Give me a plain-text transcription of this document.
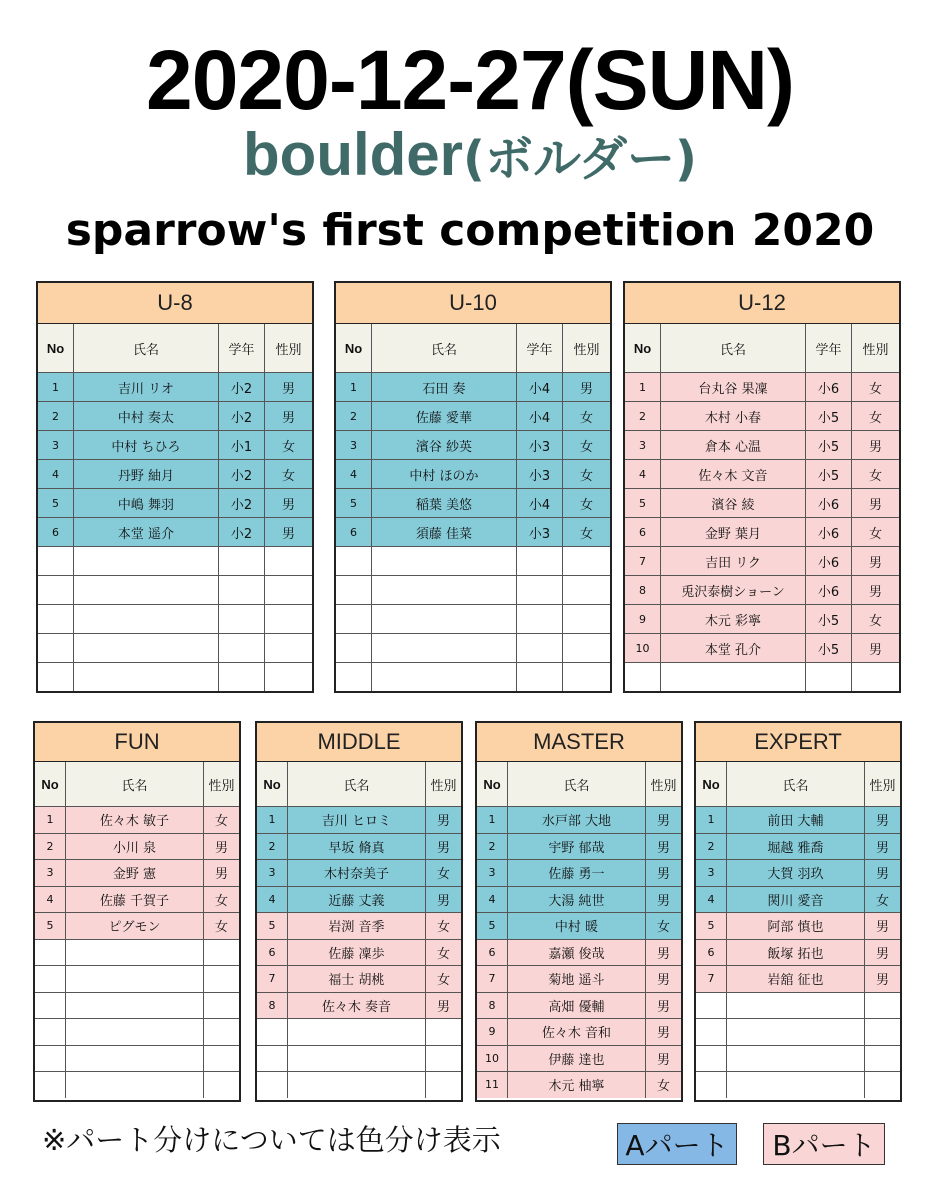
2020-12-27(SUN)
boulder(ボルダー)
sparrow's first competition 2020
U-8
No	氏名	学年	性別
1	吉川 リオ	小2	男
2	中村 奏太	小2	男
3	中村 ちひろ	小1	女
4	丹野 紬月	小2	女
5	中嶋 舞羽	小2	男
6	本堂 遥介	小2	男
U-10
No	氏名	学年	性別
1	石田 奏	小4	男
2	佐藤 愛華	小4	女
3	濱谷 紗英	小3	女
4	中村 ほのか	小3	女
5	稲葉 美悠	小4	女
6	須藤 佳菜	小3	女
U-12
No	氏名	学年	性別
1	台丸谷 果凜	小6	女
2	木村 小春	小5	女
3	倉本 心温	小5	男
4	佐々木 文音	小5	女
5	濱谷 綾	小6	男
6	金野 葉月	小6	女
7	吉田 リク	小6	男
8	兎沢泰樹ショーン	小6	男
9	木元 彩寧	小5	女
10	本堂 孔介	小5	男
FUN
No	氏名	性別
1	佐々木 敏子	女
2	小川 泉	男
3	金野 憲	男
4	佐藤 千賀子	女
5	ピグモン	女
MIDDLE
No	氏名	性別
1	吉川 ヒロミ	男
2	早坂 脩真	男
3	木村奈美子	女
4	近藤 丈義	男
5	岩渕 音季	女
6	佐藤 凜歩	女
7	福士 胡桃	女
8	佐々木 奏音	男
MASTER
No	氏名	性別
1	水戸部 大地	男
2	宇野 郁哉	男
3	佐藤 勇一	男
4	大湯 純世	男
5	中村 暖	女
6	嘉瀬 俊哉	男
7	菊地 遥斗	男
8	高畑 優輔	男
9	佐々木 音和	男
10	伊藤 達也	男
11	木元 柚寧	女
EXPERT
No	氏名	性別
1	前田 大輔	男
2	堀越 雅喬	男
3	大賀 羽玖	男
4	関川 愛音	女
5	阿部 慎也	男
6	飯塚 拓也	男
7	岩舘 征也	男
※パート分けについては色分け表示	Aパート	Bパート
